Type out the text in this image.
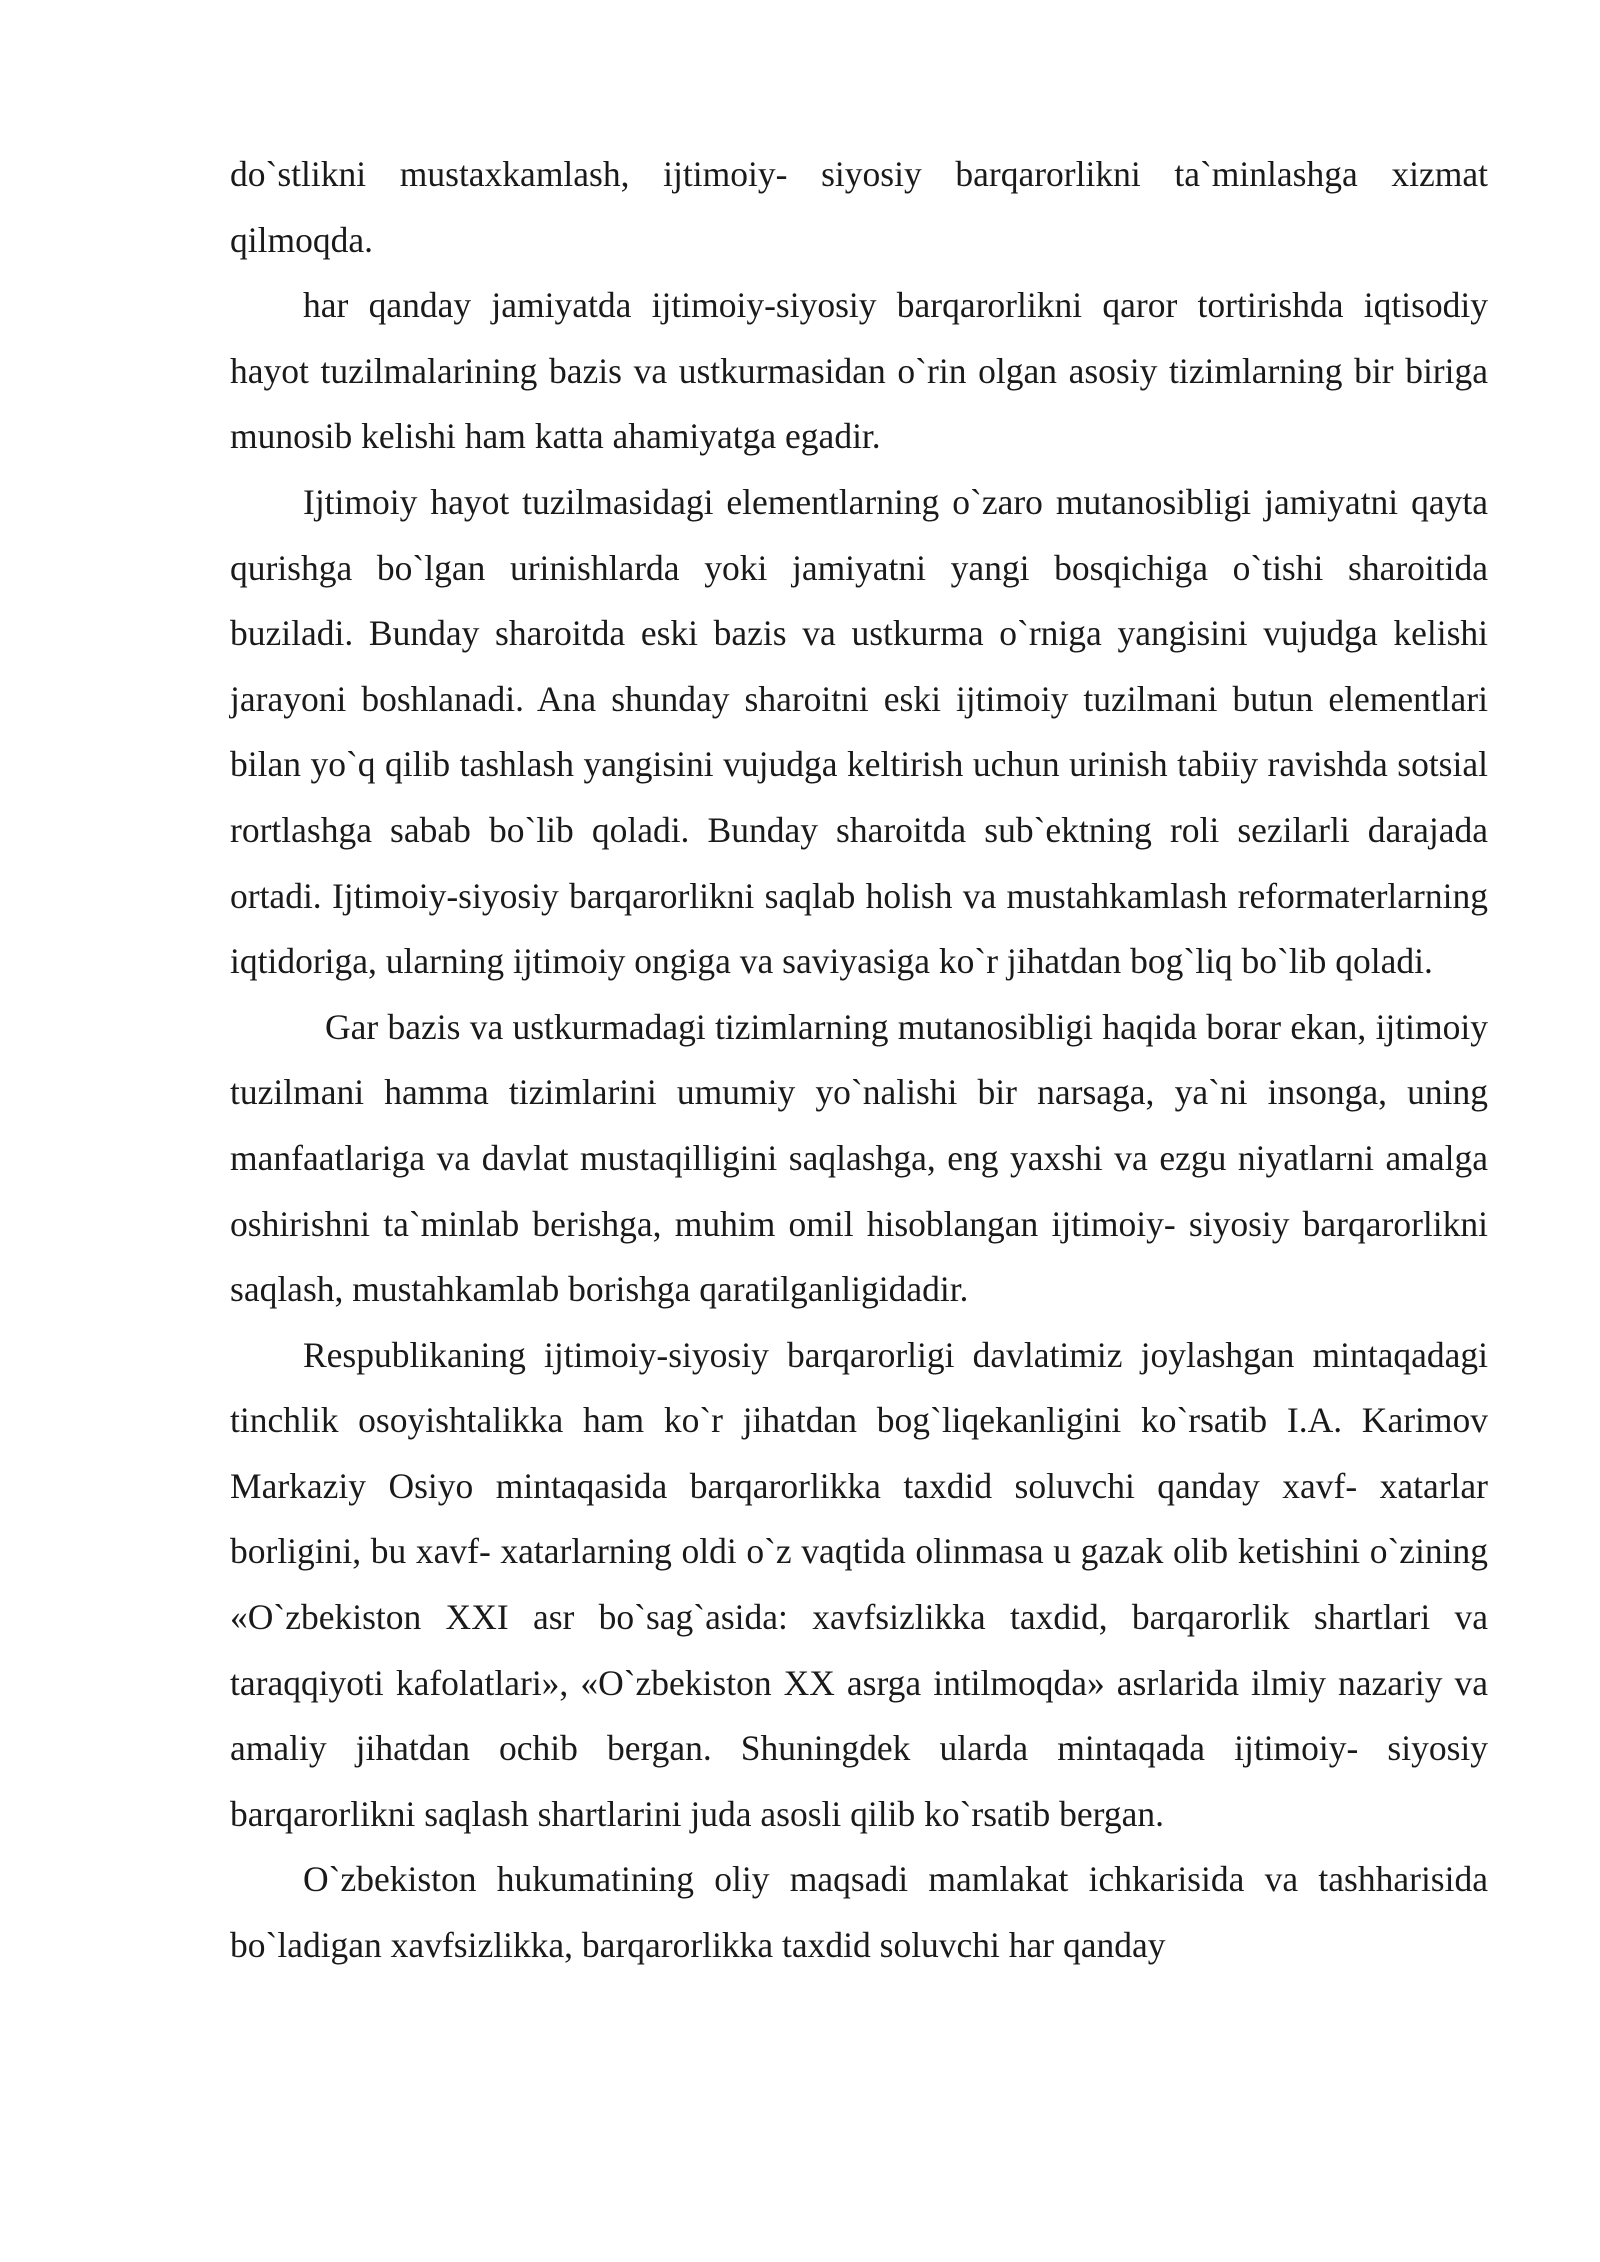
do`stlikni mustaxkamlash, ijtimoiy- siyosiy barqarorlikni ta`minlashga xizmat qilmoqda.

har qanday jamiyatda ijtimoiy-siyosiy barqarorlikni qaror tortirishda iqtisodiy hayot tuzilmalarining bazis va ustkurmasidan o`rin olgan asosiy tizimlarning bir biriga munosib kelishi ham katta ahamiyatga egadir.

Ijtimoiy hayot tuzilmasidagi elementlarning o`zaro mutanosibligi jamiyatni qayta qurishga bo`lgan urinishlarda yoki jamiyatni yangi bosqichiga o`tishi sharoitida buziladi. Bunday sharoitda eski bazis va ustkurma o`rniga yangisini vujudga kelishi jarayoni boshlanadi. Ana shunday sharoitni eski ijtimoiy tuzilmani butun elementlari bilan yo`q qilib tashlash yangisini vujudga keltirish uchun urinish tabiiy ravishda sotsial rortlashga sabab bo`lib qoladi. Bunday sharoitda sub`ektning roli sezilarli darajada ortadi. Ijtimoiy-siyosiy barqarorlikni saqlab holish va mustahkamlash reformaterlarning iqtidoriga, ularning ijtimoiy ongiga va saviyasiga ko`r jihatdan bog`liq bo`lib qoladi.

Gar bazis va ustkurmadagi tizimlarning mutanosibligi haqida borar ekan, ijtimoiy tuzilmani hamma tizimlarini umumiy yo`nalishi bir narsaga, ya`ni insonga, uning manfaatlariga va davlat mustaqilligini saqlashga, eng yaxshi va ezgu niyatlarni amalga oshirishni ta`minlab berishga, muhim omil hisoblangan ijtimoiy- siyosiy barqarorlikni saqlash, mustahkamlab borishga qaratilganligidadir.

Respublikaning ijtimoiy-siyosiy barqarorligi davlatimiz joylashgan mintaqadagi tinchlik osoyishtalikka ham ko`r jihatdan bog`liqekanligini ko`rsatib I.A. Karimov Markaziy Osiyo mintaqasida barqarorlikka taxdid soluvchi qanday xavf- xatarlar borligini, bu xavf- xatarlarning oldi o`z vaqtida olinmasa u gazak olib ketishini o`zining «O`zbekiston XXI asr bo`sag`asida: xavfsizlikka taxdid, barqarorlik shartlari va taraqqiyoti kafolatlari», «O`zbekiston XX asrga intilmoqda» asrlarida ilmiy nazariy va amaliy jihatdan ochib bergan. Shuningdek ularda mintaqada ijtimoiy- siyosiy barqarorlikni saqlash shartlarini juda asosli qilib ko`rsatib bergan.

O`zbekiston hukumatining oliy maqsadi mamlakat ichkarisida va tashharisida bo`ladigan xavfsizlikka, barqarorlikka taxdid soluvchi har qanday
